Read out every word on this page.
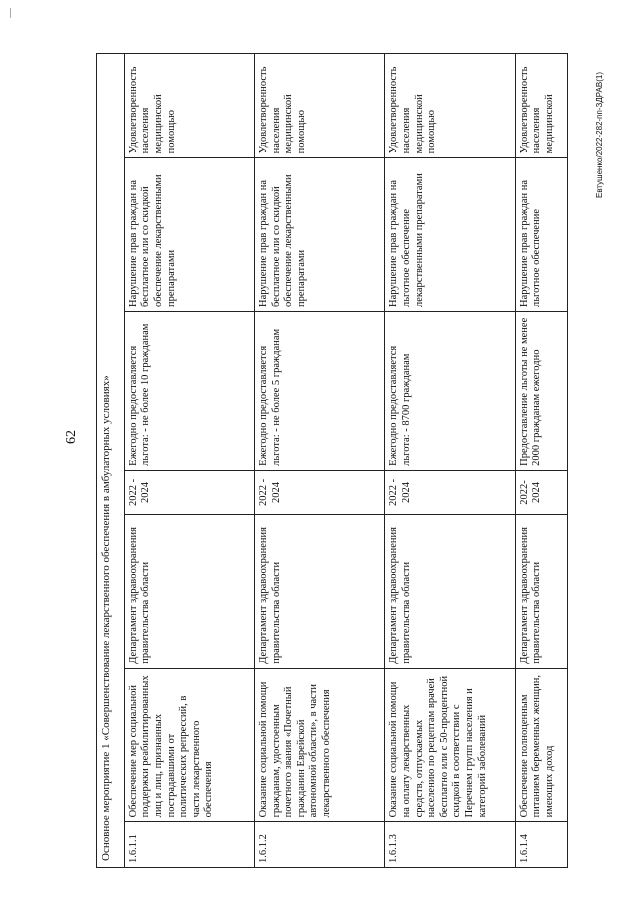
62
Евтушенко/2022-282-пп-ЗДРАВ(1)
Основное мероприятие 1 «Совершенствование лекарственного обеспечения в амбулаторных условиях»						
1.6.1.1	Обеспечение мер социальной поддержки реабилитированных лиц и лиц, признанных пострадавшими от политических репрессий, в части лекарственного обеспечения	Департамент здравоохранения правительства области	2022 - 2024	Ежегодно предоставляется льгота: - не более 10 гражданам	Нарушение прав граждан на бесплатное или со скидкой обеспечение лекарственными препаратами	Удовлетворенность населения медицинской помощью
1.6.1.2	Оказание социальной помощи гражданам, удостоенным почетного звания «Почетный гражданин Еврейской автономной области», в части лекарственного обеспечения	Департамент здравоохранения правительства области	2022 - 2024	Ежегодно предоставляется льгота: - не более 5 гражданам	Нарушение прав граждан на бесплатное или со скидкой обеспечение лекарственными препаратами	Удовлетворенность населения медицинской помощью
1.6.1.3	Оказание социальной помощи на оплату лекарственных средств, отпускаемых населению по рецептам врачей бесплатно или с 50-процентной скидкой в соответствии с Перечнем групп населения и категорий заболеваний	Департамент здравоохранения правительства области	2022 - 2024	Ежегодно предоставляется льгота: - 8700 гражданам	Нарушение прав граждан на льготное обеспечение лекарственными препаратами	Удовлетворенность населения медицинской помощью
1.6.1.4	Обеспечение полноценным питанием беременных женщин, имеющих доход	Департамент здравоохранения правительства области	2022- 2024	Предоставление льготы не менее 2000 гражданам ежегодно	Нарушение прав граждан на льготное обеспечение	Удовлетворенность населения медицинской
